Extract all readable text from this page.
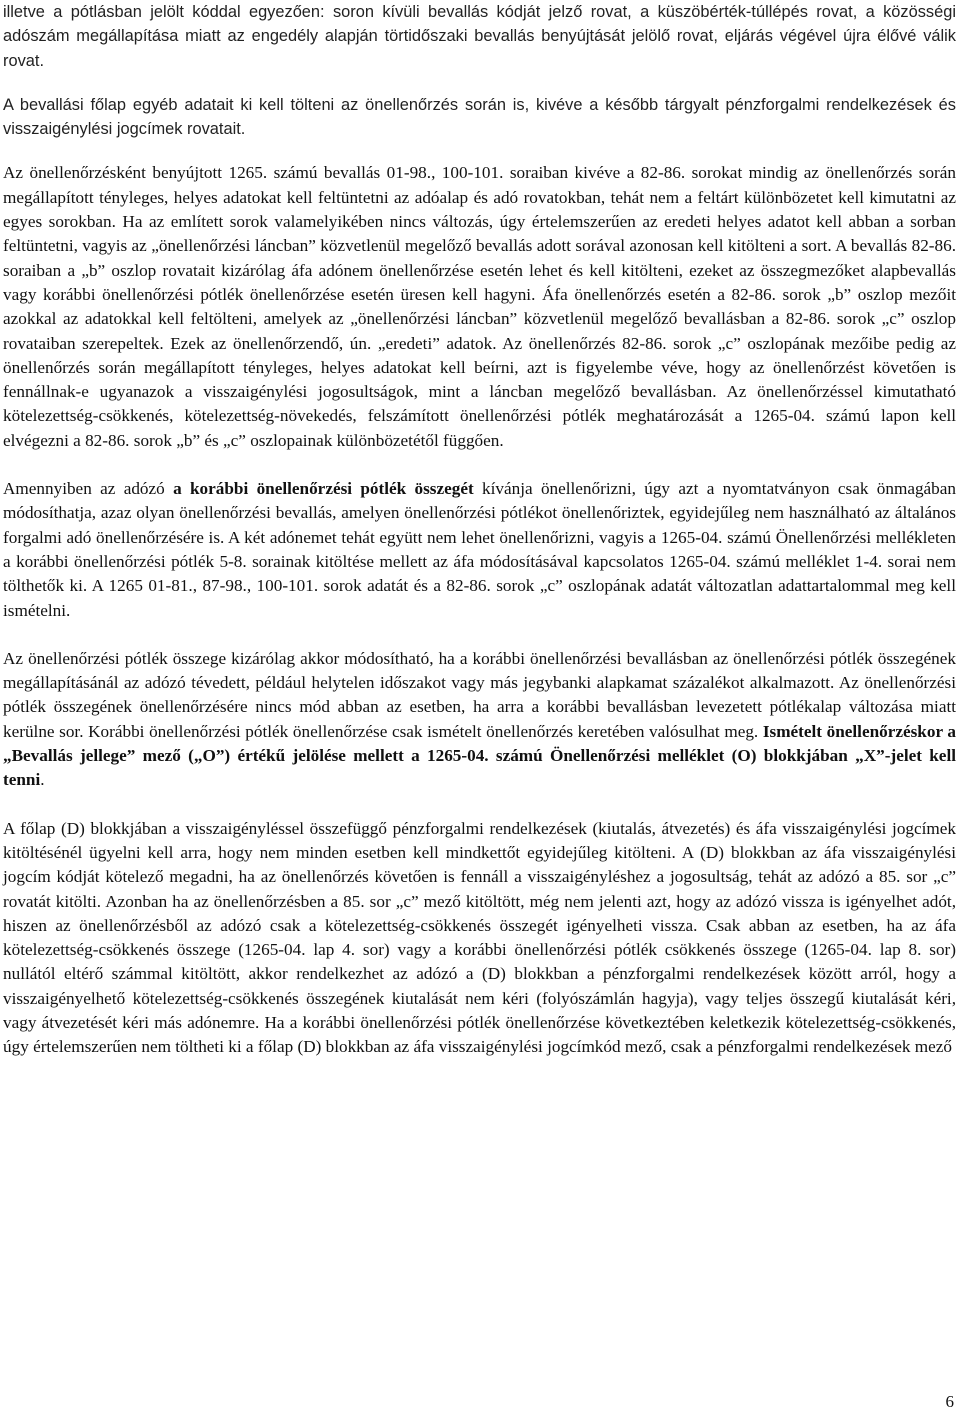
illetve a pótlásban jelölt kóddal egyezően: soron kívüli bevallás kódját jelző rovat, a küszöbérték-túllépés rovat, a közösségi adószám megállapítása miatt az engedély alapján törtidőszaki bevallás benyújtását jelölő rovat, eljárás végével újra élővé válik rovat.

A bevallási főlap egyéb adatait ki kell tölteni az önellenőrzés során is, kivéve a később tárgyalt pénzforgalmi rendelkezések és visszaigénylési jogcímek rovatait.

Az önellenőrzésként benyújtott 1265. számú bevallás 01-98., 100-101. soraiban kivéve a 82-86. sorokat mindig az önellenőrzés során megállapított tényleges, helyes adatokat kell feltüntetni az adóalap és adó rovatokban, tehát nem a feltárt különbözetet kell kimutatni az egyes sorokban. Ha az említett sorok valamelyikében nincs változás, úgy értelemszerűen az eredeti helyes adatot kell abban a sorban feltüntetni, vagyis az „önellenőrzési láncban” közvetlenül megelőző bevallás adott sorával azonosan kell kitölteni a sort. A bevallás 82-86. soraiban a „b” oszlop rovatait kizárólag áfa adónem önellenőrzése esetén lehet és kell kitölteni, ezeket az összegmezőket alapbevallás vagy korábbi önellenőrzési pótlék önellenőrzése esetén üresen kell hagyni. Áfa önellenőrzés esetén a 82-86. sorok „b” oszlop mezőit azokkal az adatokkal kell feltölteni, amelyek az „önellenőrzési láncban” közvetlenül megelőző bevallásban a 82-86. sorok „c” oszlop rovataiban szerepeltek. Ezek az önellenőrzendő, ún. „eredeti” adatok. Az önellenőrzés 82-86. sorok „c” oszlopának mezőibe pedig az önellenőrzés során megállapított tényleges, helyes adatokat kell beírni, azt is figyelembe véve, hogy az önellenőrzést követően is fennállnak-e ugyanazok a visszaigénylési jogosultságok, mint a láncban megelőző bevallásban. Az önellenőrzéssel kimutatható kötelezettség-csökkenés, kötelezettség-növekedés, felszámított önellenőrzési pótlék meghatározását a 1265-04. számú lapon kell elvégezni a 82-86. sorok „b” és „c” oszlopainak különbözetétől függően.

Amennyiben az adózó a korábbi önellenőrzési pótlék összegét kívánja önellenőrizni, úgy azt a nyomtatványon csak önmagában módosíthatja, azaz olyan önellenőrzési bevallás, amelyen önellenőrzési pótlékot önellenőriztek, egyidejűleg nem használható az általános forgalmi adó önellenőrzésére is. A két adónemet tehát együtt nem lehet önellenőrizni, vagyis a 1265-04. számú Önellenőrzési mellékleten a korábbi önellenőrzési pótlék 5-8. sorainak kitöltése mellett az áfa módosításával kapcsolatos 1265-04. számú melléklet 1-4. sorai nem tölthetők ki. A 1265 01-81., 87-98., 100-101. sorok adatát és a 82-86. sorok „c” oszlopának adatát változatlan adattartalommal meg kell ismételni.

Az önellenőrzési pótlék összege kizárólag akkor módosítható, ha a korábbi önellenőrzési bevallásban az önellenőrzési pótlék összegének megállapításánál az adózó tévedett, például helytelen időszakot vagy más jegybanki alapkamat százalékot alkalmazott. Az önellenőrzési pótlék összegének önellenőrzésére nincs mód abban az esetben, ha arra a korábbi bevallásban levezetett pótlékalap változása miatt kerülne sor. Korábbi önellenőrzési pótlék önellenőrzése csak ismételt önellenőrzés keretében valósulhat meg. Ismételt önellenőrzéskor a „Bevallás jellege” mező („O”) értékű jelölése mellett a 1265-04. számú Önellenőrzési melléklet (O) blokkjában „X”-jelet kell tenni.

A főlap (D) blokkjában a visszaigényléssel összefüggő pénzforgalmi rendelkezések (kiutalás, átvezetés) és áfa visszaigénylési jogcímek kitöltésénél ügyelni kell arra, hogy nem minden esetben kell mindkettőt egyidejűleg kitölteni. A (D) blokkban az áfa visszaigénylési jogcím kódját kötelező megadni, ha az önellenőrzés követően is fennáll a visszaigényléshez a jogosultság, tehát az adózó a 85. sor „c” rovatát kitölti. Azonban ha az önellenőrzésben a 85. sor „c” mező kitöltött, még nem jelenti azt, hogy az adózó vissza is igényelhet adót, hiszen az önellenőrzésből az adózó csak a kötelezettség-csökkenés összegét igényelheti vissza. Csak abban az esetben, ha az áfa kötelezettség-csökkenés összege (1265-04. lap 4. sor) vagy a korábbi önellenőrzési pótlék csökkenés összege (1265-04. lap 8. sor) nullától eltérő számmal kitöltött, akkor rendelkezhet az adózó a (D) blokkban a pénzforgalmi rendelkezések között arról, hogy a visszaigényelhető kötelezettség-csökkenés összegének kiutalását nem kéri (folyószámlán hagyja), vagy teljes összegű kiutalását kéri, vagy átvezetését kéri más adónemre. Ha a korábbi önellenőrzési pótlék önellenőrzése következtében keletkezik kötelezettség-csökkenés, úgy értelemszerűen nem töltheti ki a főlap (D) blokkban az áfa visszaigénylési jogcímkód mező, csak a pénzforgalmi rendelkezések mező

6
